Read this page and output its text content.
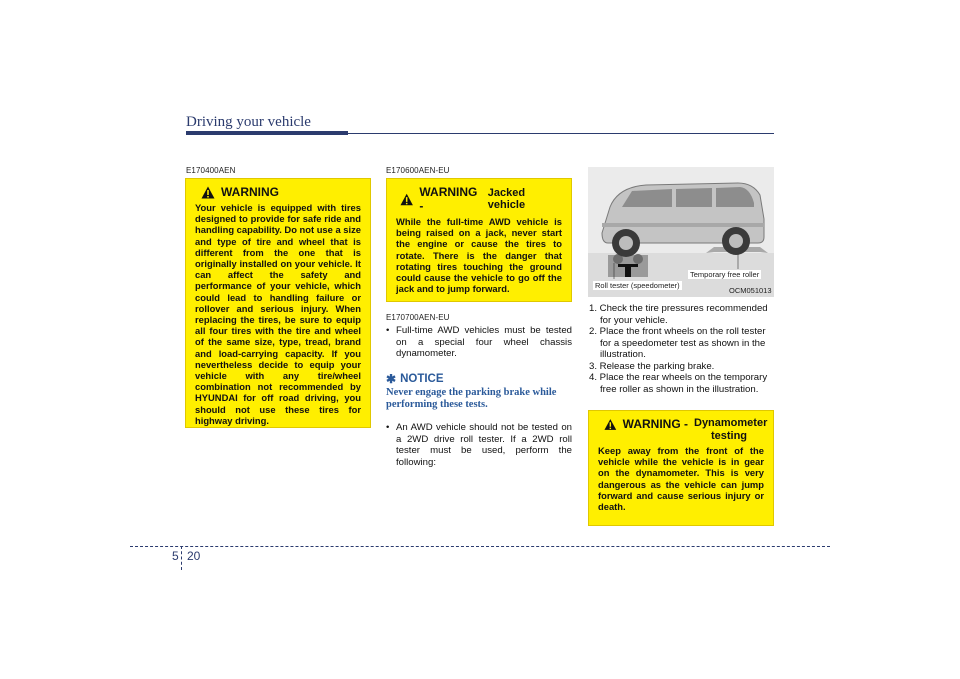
Driving your vehicle
E170400AEN
WARNING
Your vehicle is equipped with tires designed to provide for safe ride and handling capability. Do not use a size and type of tire and wheel that is different from the one that is originally installed on your vehicle. It can affect the safety and performance of your vehicle, which could lead to handling failure or rollover and serious injury. When replacing the tires, be sure to equip all four tires with the tire and wheel of the same size, type, tread, brand and load-carrying capacity. If you nevertheless decide to equip your vehicle with any tire/wheel combination not recommended by HYUNDAI for off road driving, you should not use these tires for highway driving.
E170600AEN-EU
WARNING -
Jacked vehicle
While the full-time AWD vehicle is being raised on a jack, never start the engine or cause the tires to rotate. There is the danger that rotating tires touching the ground could cause the vehicle to go off the jack and to jump forward.
E170700AEN-EU
• Full-time AWD vehicles must be tested on a special four wheel chassis dynamometer.
✱ NOTICE
Never engage the parking brake while performing these tests.
• An AWD vehicle should not be tested on a 2WD drive roll tester. If a 2WD roll tester must be used, perform the following:
Roll tester (speedometer)
Temporary free roller
OCM051013
1. Check the tire pressures recommended for your vehicle.
2. Place the front wheels on the roll tester for a speedometer test as shown in the illustration.
3. Release the parking brake.
4. Place the rear wheels on the temporary free roller as shown in the illustration.
WARNING - Dynamometer testing
Keep away from the front of the vehicle while the vehicle is in gear on the dynamometer. This is very dangerous as the vehicle can jump forward and cause serious injury or death.
5 20
